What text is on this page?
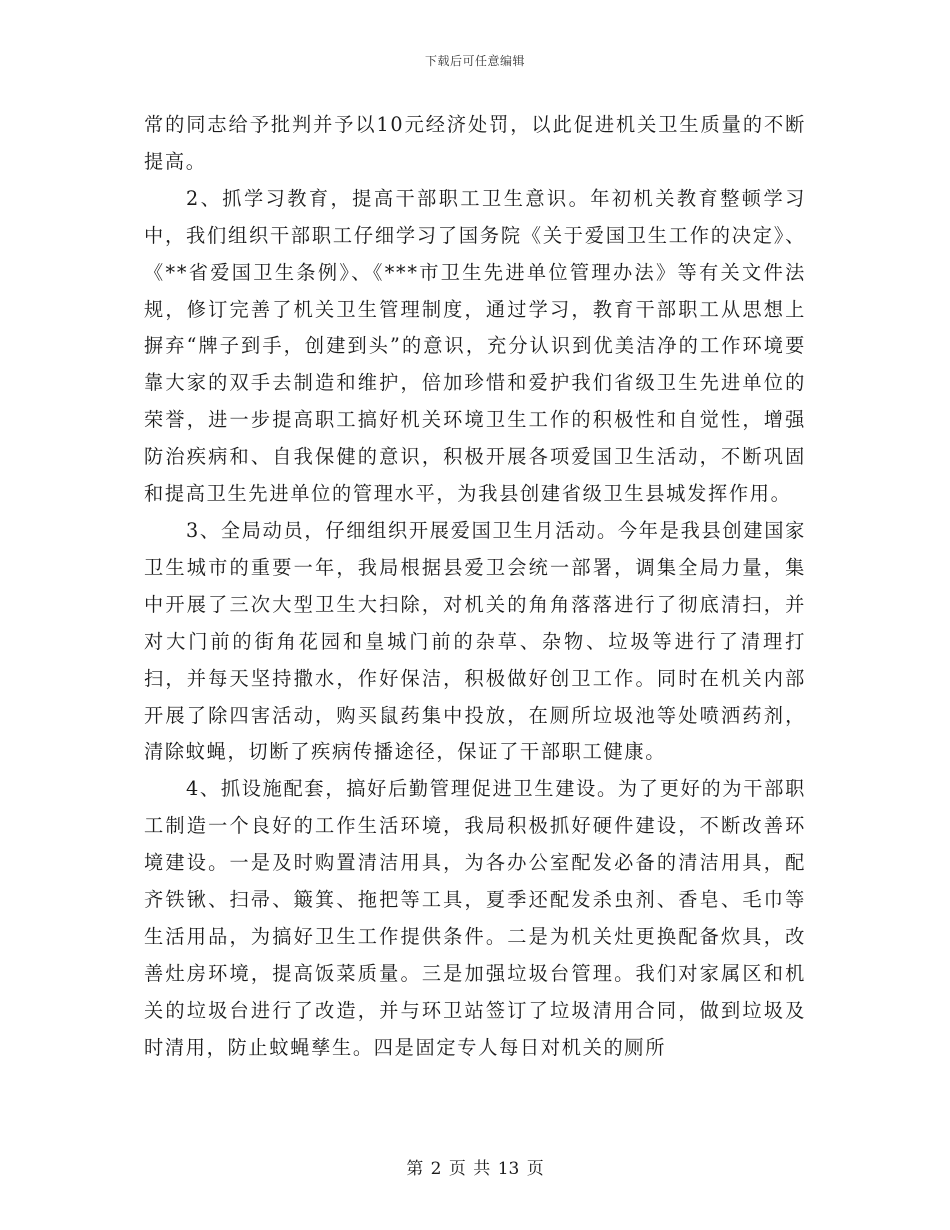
下载后可任意编辑

常的同志给予批判并予以10元经济处罚，以此促进机关卫生质量的不断提高。

2、抓学习教育，提高干部职工卫生意识。年初机关教育整顿学习中，我们组织干部职工仔细学习了国务院《关于爱国卫生工作的决定》、《**省爱国卫生条例》、《***市卫生先进单位管理办法》等有关文件法规，修订完善了机关卫生管理制度，通过学习，教育干部职工从思想上摒弃“牌子到手，创建到头”的意识，充分认识到优美洁净的工作环境要靠大家的双手去制造和维护，倍加珍惜和爱护我们省级卫生先进单位的荣誉，进一步提高职工搞好机关环境卫生工作的积极性和自觉性，增强防治疾病和、自我保健的意识，积极开展各项爱国卫生活动，不断巩固和提高卫生先进单位的管理水平，为我县创建省级卫生县城发挥作用。

3、全局动员，仔细组织开展爱国卫生月活动。今年是我县创建国家卫生城市的重要一年，我局根据县爱卫会统一部署，调集全局力量，集中开展了三次大型卫生大扫除，对机关的角角落落进行了彻底清扫，并对大门前的街角花园和皇城门前的杂草、杂物、垃圾等进行了清理打扫，并每天坚持撒水，作好保洁，积极做好创卫工作。同时在机关内部开展了除四害活动，购买鼠药集中投放，在厕所垃圾池等处喷洒药剂，清除蚊蝇，切断了疾病传播途径，保证了干部职工健康。

4、抓设施配套，搞好后勤管理促进卫生建设。为了更好的为干部职工制造一个良好的工作生活环境，我局积极抓好硬件建设，不断改善环境建设。一是及时购置清洁用具，为各办公室配发必备的清洁用具，配齐铁锹、扫帚、簸箕、拖把等工具，夏季还配发杀虫剂、香皂、毛巾等生活用品，为搞好卫生工作提供条件。二是为机关灶更换配备炊具，改善灶房环境，提高饭菜质量。三是加强垃圾台管理。我们对家属区和机关的垃圾台进行了改造，并与环卫站签订了垃圾清用合同，做到垃圾及时清用，防止蚊蝇孳生。四是固定专人每日对机关的厕所

第 2 页 共 13 页
